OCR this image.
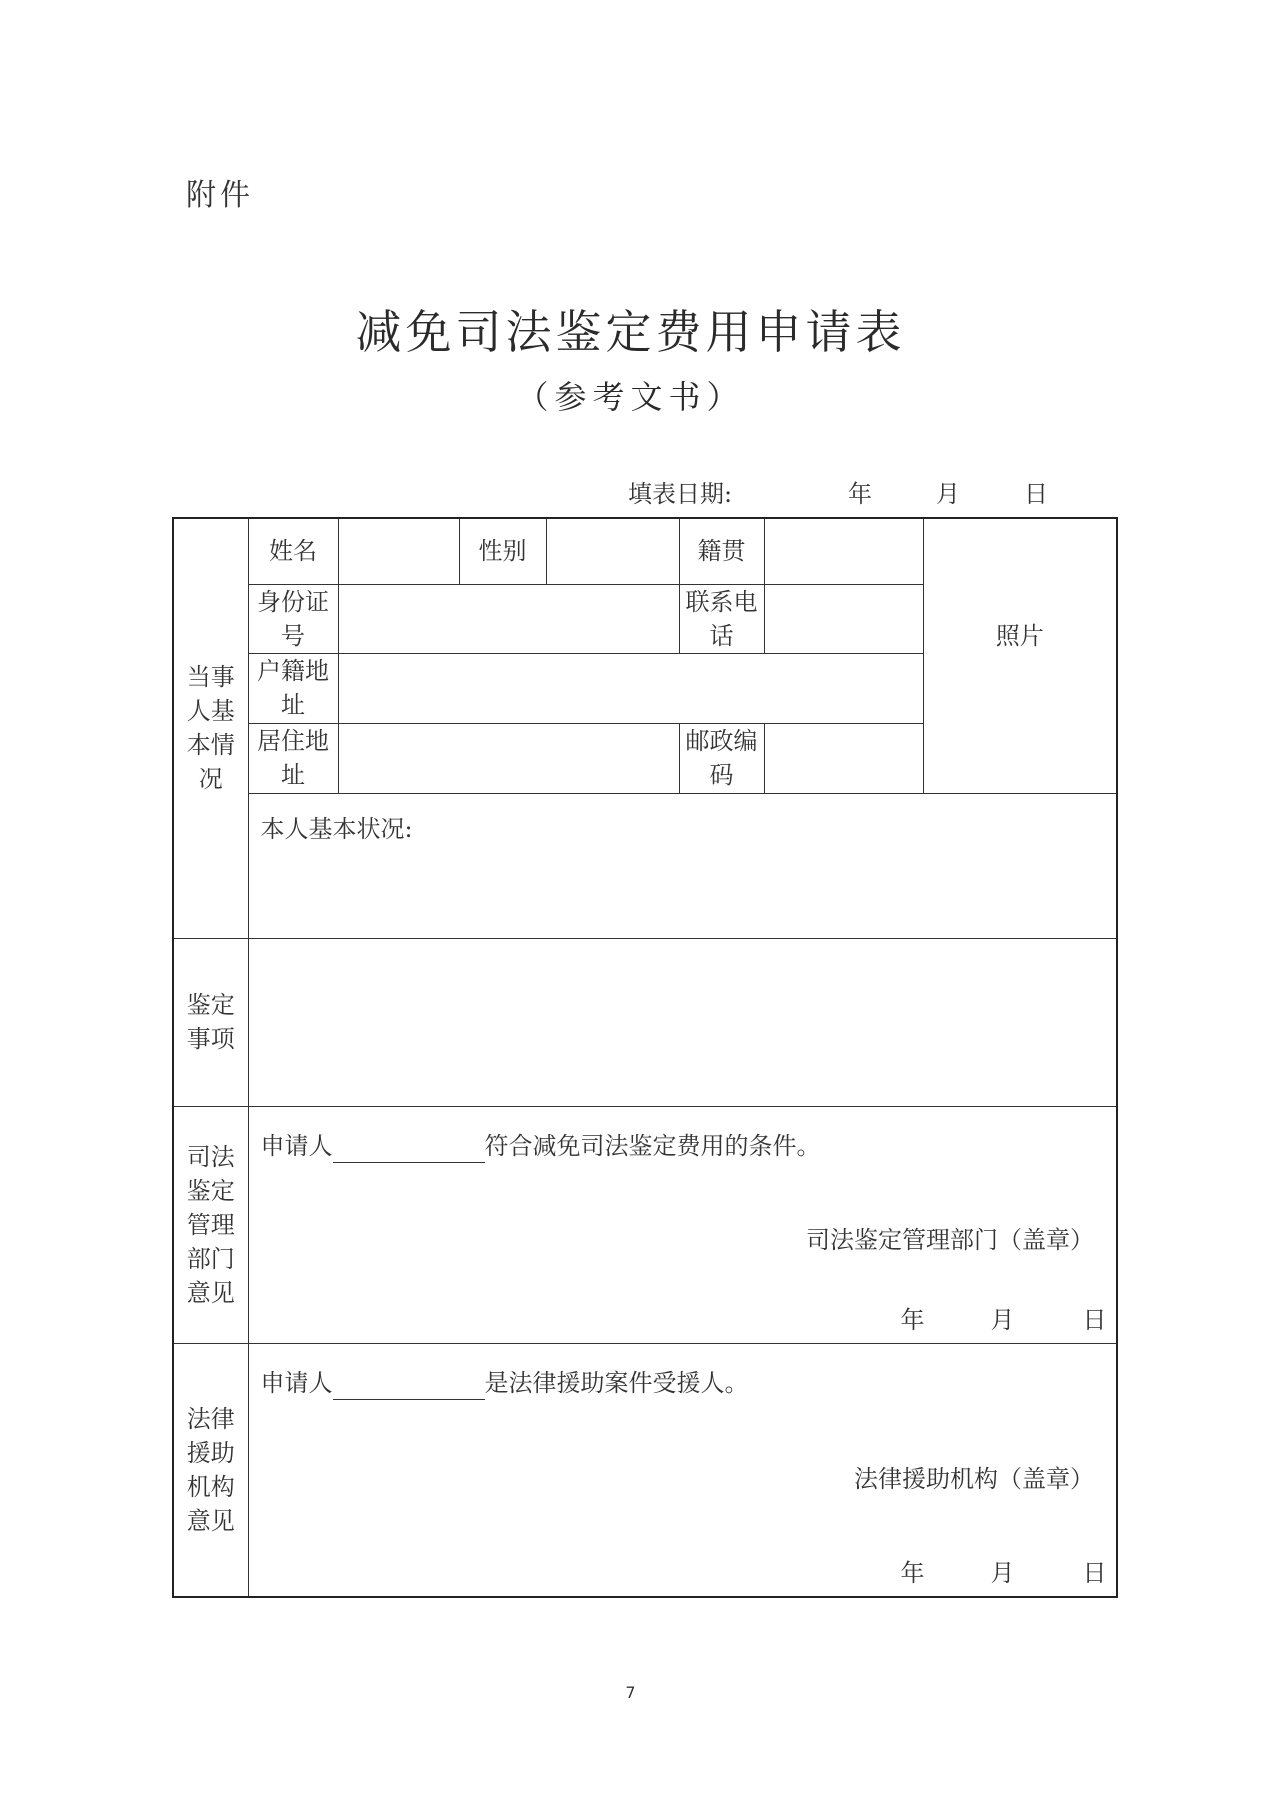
附件
减免司法鉴定费用申请表
（参考文书）
填表日期:	年	月	日
当事人基本情况	姓名		性别		籍贯		照片
	身份证号				联系电话		
	户籍地址						
	居住地址				邮政编码		
	本人基本状况:						
鉴定事项							
司法鉴定管理部门意见	申请人 符合减免司法鉴定费用的条件。
司法鉴定管理部门（盖章）
年 月 日						

法律援助机构意见	申请人 是法律援助案件受援人。
法律援助机构（盖章）
年 月 日						
7
